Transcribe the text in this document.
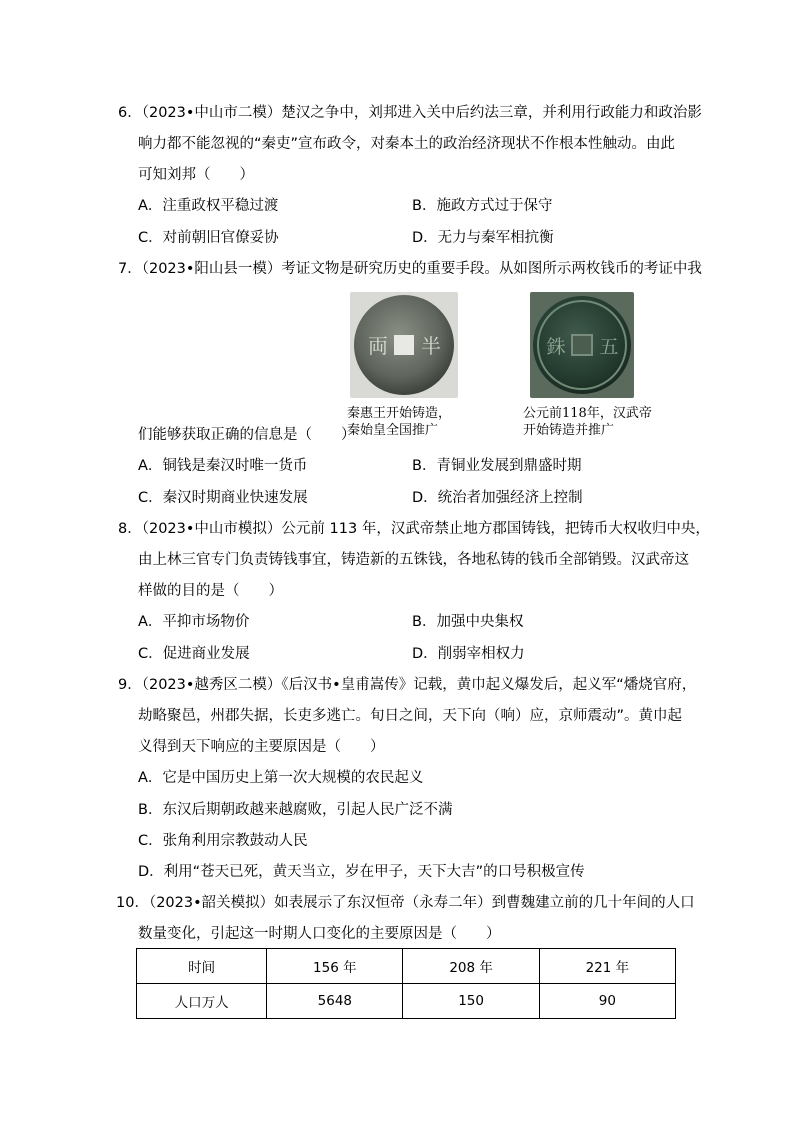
6．（2023•中山市二模）楚汉之争中，刘邦进入关中后约法三章，并利用行政能力和政治影
响力都不能忽视的“秦吏”宣布政令，对秦本土的政治经济现状不作根本性触动。由此
可知刘邦（　　）
A．注重政权平稳过渡	B．施政方式过于保守
C．对前朝旧官僚妥协	D．无力与秦军相抗衡
7．（2023•阳山县一模）考证文物是研究历史的重要手段。从如图所示两枚钱币的考证中我
両 半	銖 五
秦惠王开始铸造，
秦始皇全国推广
公元前118年，汉武帝
开始铸造并推广
们能够获取正确的信息是（　　）
A．铜钱是秦汉时唯一货币	B．青铜业发展到鼎盛时期
C．秦汉时期商业快速发展	D．统治者加强经济上控制
8．（2023•中山市模拟）公元前 113 年，汉武帝禁止地方郡国铸钱，把铸币大权收归中央，
由上林三官专门负责铸钱事宜，铸造新的五铢钱，各地私铸的钱币全部销毁。汉武帝这
样做的目的是（　　）
A．平抑市场物价	B．加强中央集权
C．促进商业发展	D．削弱宰相权力
9．（2023•越秀区二模）《后汉书•皇甫嵩传》记载，黄巾起义爆发后，起义军“燔烧官府，
劫略聚邑，州郡失据，长吏多逃亡。旬日之间，天下向（响）应，京师震动”。黄巾起
义得到天下响应的主要原因是（　　）
A．它是中国历史上第一次大规模的农民起义
B．东汉后期朝政越来越腐败，引起人民广泛不满
C．张角利用宗教鼓动人民
D．利用“苍天已死，黄天当立，岁在甲子，天下大吉”的口号积极宣传
10．（2023•韶关模拟）如表展示了东汉恒帝（永寿二年）到曹魏建立前的几十年间的人口
数量变化，引起这一时期人口变化的主要原因是（　　）
时间	156 年	208 年	221 年
人口万人	5648	150	90
